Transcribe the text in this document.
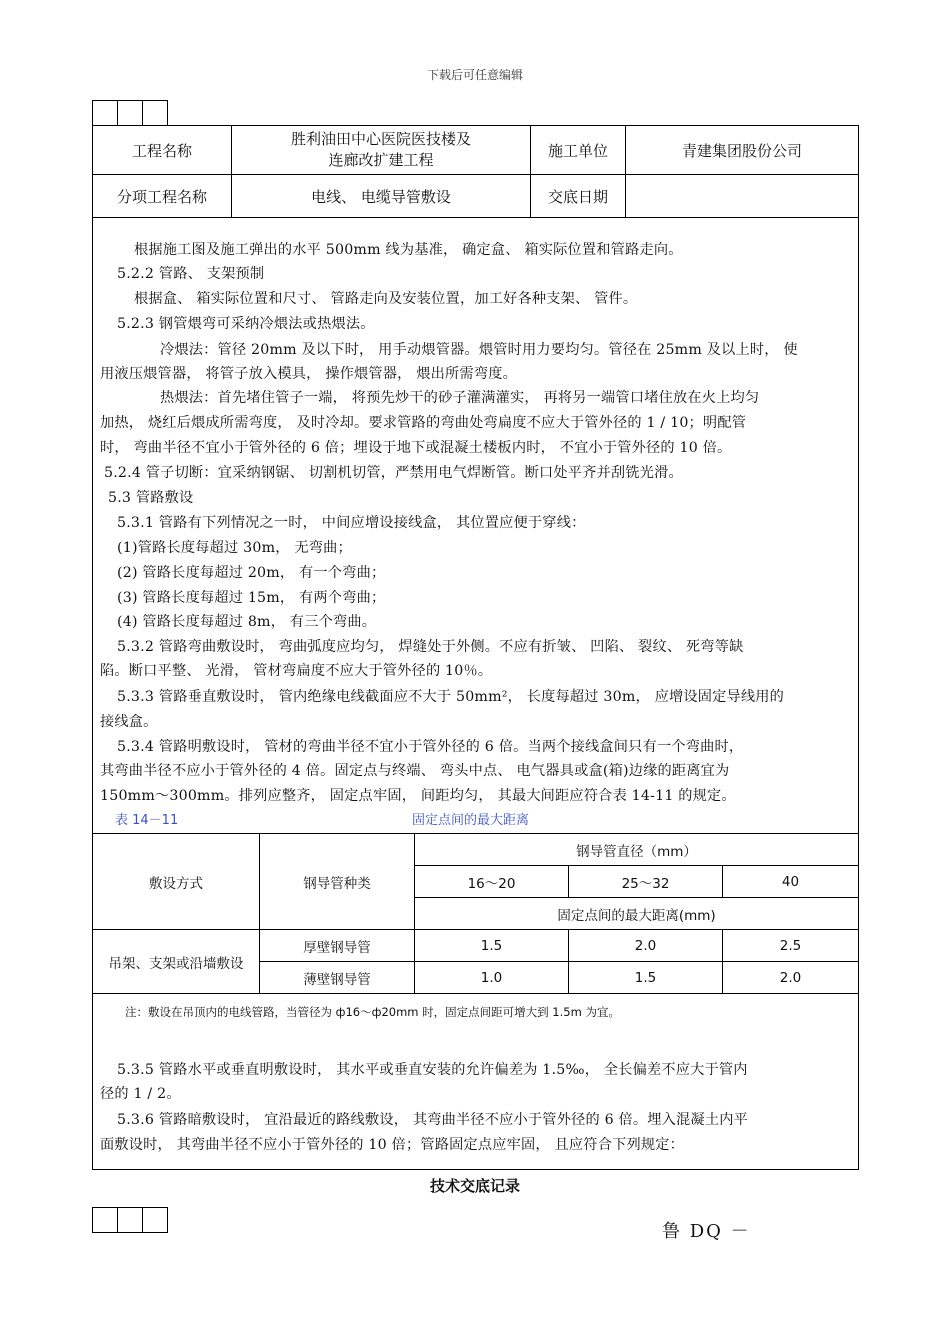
下载后可任意编辑
工程名称	胜利油田中心医院医技楼及
连廊改扩建工程	施工单位	青建集团股份公司
分项工程名称	电线、 电缆导管敷设	交底日期	
根据施工图及施工弹出的水平 500mm 线为基准， 确定盒、 箱实际位置和管路走向。
5.2.2 管路、 支架预制
根据盒、 箱实际位置和尺寸、 管路走向及安装位置，加工好各种支架、 管件。
5.2.3 钢管煨弯可采纳冷煨法或热煨法。
冷煨法：管径 20mm 及以下时， 用手动煨管器。煨管时用力要均匀。管径在 25mm 及以上时， 使
用液压煨管器， 将管子放入模具， 操作煨管器， 煨出所需弯度。
热煨法：首先堵住管子一端， 将预先炒干的砂子灌满灌实， 再将另一端管口堵住放在火上均匀
加热， 烧红后煨成所需弯度， 及时冷却。要求管路的弯曲处弯扁度不应大于管外径的 1 / 10；明配管
时， 弯曲半径不宜小于管外径的 6 倍；埋设于地下或混凝土楼板内时， 不宜小于管外径的 10 倍。
5.2.4 管子切断：宜采纳钢锯、 切割机切管，严禁用电气焊断管。断口处平齐并刮铣光滑。
5.3 管路敷设
5.3.1 管路有下列情况之一时， 中间应增设接线盒， 其位置应便于穿线：
(1)管路长度每超过 30m， 无弯曲；
(2) 管路长度每超过 20m， 有一个弯曲；
(3) 管路长度每超过 15m， 有两个弯曲；
(4) 管路长度每超过 8m， 有三个弯曲。
5.3.2 管路弯曲敷设时， 弯曲弧度应均匀， 焊缝处于外侧。不应有折皱、 凹陷、 裂纹、 死弯等缺
陷。断口平整、 光滑， 管材弯扁度不应大于管外径的 10％。
5.3.3 管路垂直敷设时， 管内绝缘电线截面应不大于 50mm²， 长度每超过 30m， 应增设固定导线用的
接线盒。
5.3.4 管路明敷设时， 管材的弯曲半径不宜小于管外径的 6 倍。当两个接线盒间只有一个弯曲时，
其弯曲半径不应小于管外径的 4 倍。固定点与终端、 弯头中点、 电气器具或盒(箱)边缘的距离宜为
150mm～300mm。排列应整齐， 固定点牢固， 间距均匀， 其最大间距应符合表 14-11 的规定。
表 14－11	固定点间的最大距离
敷设方式	钢导管种类	钢导管直径（mm）		
		16～20	25～32	40
		固定点间的最大距离(mm)		
吊架、支架或沿墙敷设	厚壁钢导管	1.5	2.0	2.5
	薄壁钢导管	1.0	1.5	2.0
注：敷设在吊顶内的电线管路，当管径为 ф16～ф20mm 时，固定点间距可增大到 1.5m 为宜。
5.3.5 管路水平或垂直明敷设时， 其水平或垂直安装的允许偏差为 1.5‰， 全长偏差不应大于管内
径的 1 / 2。
5.3.6 管路暗敷设时， 宜沿最近的路线敷设， 其弯曲半径不应小于管外径的 6 倍。埋入混凝土内平
面敷设时， 其弯曲半径不应小于管外径的 10 倍；管路固定点应牢固， 且应符合下列规定：
技术交底记录
鲁 DQ －
